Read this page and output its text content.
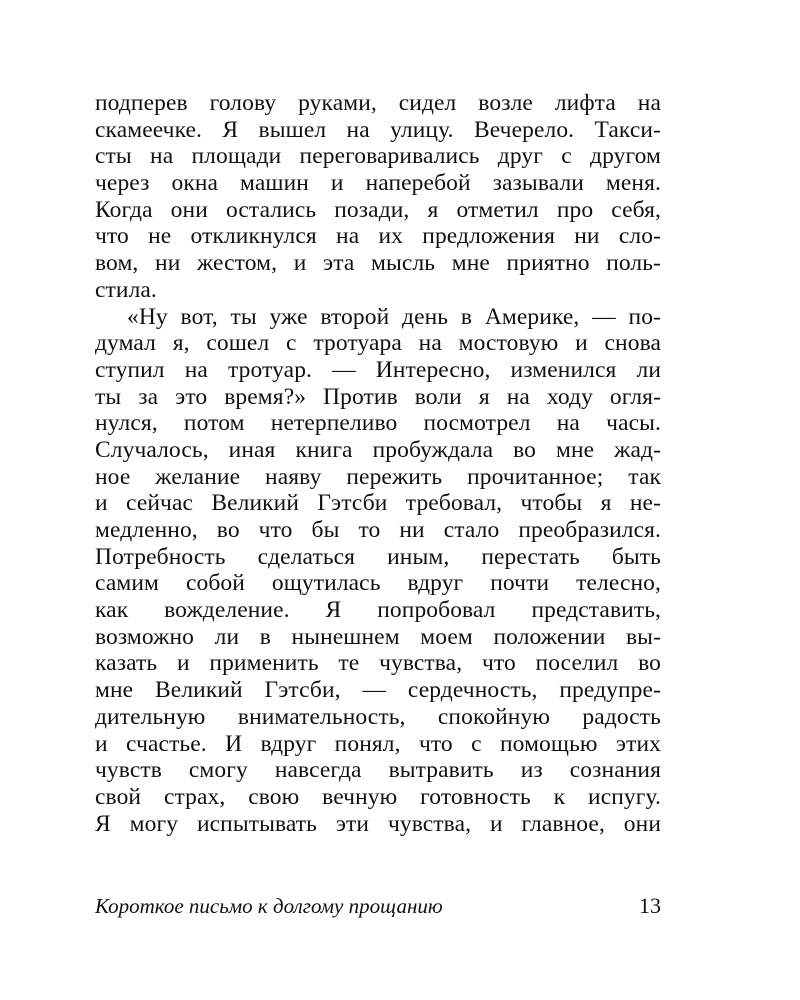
подперев голову руками, сидел возле лифта на
скамеечке. Я вышел на улицу. Вечерело. Такси-
сты на площади переговаривались друг с другом
через окна машин и наперебой зазывали меня.
Когда они остались позади, я отметил про себя,
что не откликнулся на их предложения ни сло-
вом, ни жестом, и эта мысль мне приятно поль-
стила.
«Ну вот, ты уже второй день в Америке, — по-
думал я, сошел с тротуара на мостовую и снова
ступил на тротуар. — Интересно, изменился ли
ты за это время?» Против воли я на ходу огля-
нулся, потом нетерпеливо посмотрел на часы.
Случалось, иная книга пробуждала во мне жад-
ное желание наяву пережить прочитанное; так
и сейчас Великий Гэтсби требовал, чтобы я не-
медленно, во что бы то ни стало преобразился.
Потребность сделаться иным, перестать быть
самим собой ощутилась вдруг почти телесно,
как вожделение. Я попробовал представить,
возможно ли в нынешнем моем положении вы-
казать и применить те чувства, что поселил во
мне Великий Гэтсби, — сердечность, предупре-
дительную внимательность, спокойную радость
и счастье. И вдруг понял, что с помощью этих
чувств смогу навсегда вытравить из сознания
свой страх, свою вечную готовность к испугу.
Я могу испытывать эти чувства, и главное, они
Короткое письмо к долгому прощанию	13
